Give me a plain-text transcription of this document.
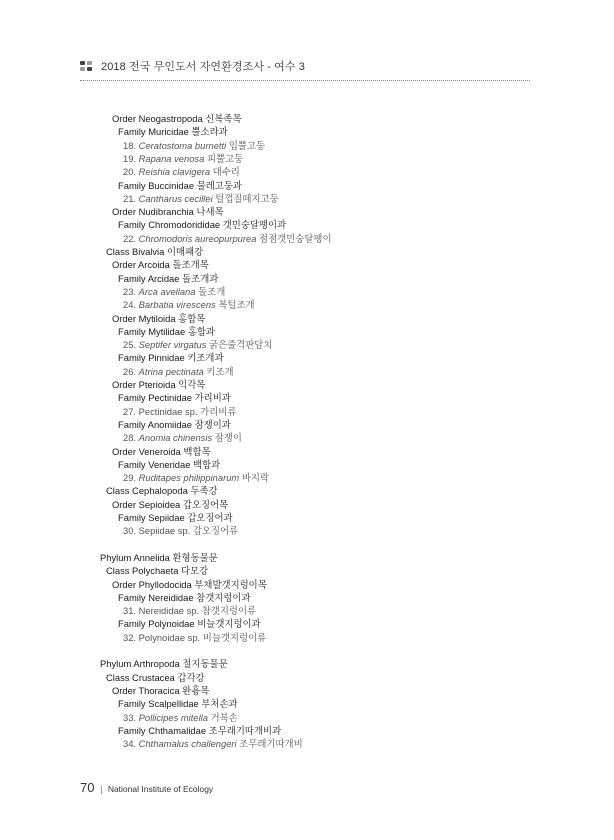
2018 전국 무인도서 자연환경조사 - 여수 3
Order Neogastropoda 신복족목
Family Muricidae 뿔소라과
18. Ceratostoma burnetti 입뿔고둥
19. Rapana venosa 피뿔고둥
20. Reishia clavigera 대수리
Family Buccinidae 물레고둥과
21. Cantharus cecillei 털껍질떼지고둥
Order Nudibranchia 나새목
Family Chromodorididae 갯민숭달팽이과
22. Chromodoris aureopurpurea 점점갯민숭달팽이
Class Bivalvia 이매패강
Order Arcoida 돌조개목
Family Arcidae 돌조개과
23. Arca avellana 돌조개
24. Barbatia virescens 복털조개
Order Mytiloida 홍합목
Family Mytilidae 홍합과
25. Septifer virgatus 굵은줄격판담치
Family Pinnidae 키조개과
26. Atrina pectinata 키조개
Order Pterioida 익각목
Family Pectinidae 가리비과
27. Pectinidae sp. 가리비류
Family Anomiidae 잠쟁이과
28. Anomia chinensis 잠쟁이
Order Veneroida 백합목
Family Veneridae 백합과
29. Ruditapes philippinarum 바지락
Class Cephalopoda 두족강
Order Sepioidea 갑오징어목
Family Sepiidae 갑오징어과
30. Sepiidae sp. 갑오징어류
Phylum Annelida 환형동물문
Class Polychaeta 다모강
Order Phyllodocida 부채발갯지렁이목
Family Nereididae 참갯지렁이과
31. Nereididae sp. 참갯지렁이류
Family Polynoidae 비늘갯지렁이과
32. Polynoidae sp. 비늘갯지렁이류
Phylum Arthropoda 절지동물문
Class Crustacea 갑각강
Order Thoracica 완흉목
Family Scalpellidae 부처손과
33. Pollicipes mitella 거북손
Family Chthamalidae 조무래기따개비과
34. Chthamalus challengeri 조무래기따개비
70 | National Institute of Ecology
